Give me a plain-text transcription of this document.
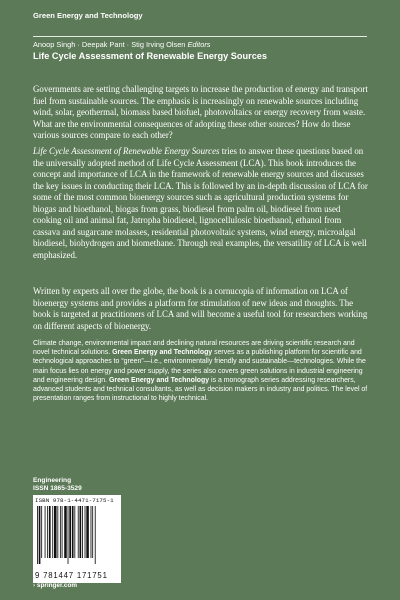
Green Energy and Technology
Anoop Singh · Deepak Pant · Stig Irving Olsen Editors
Life Cycle Assessment of Renewable Energy Sources

Governments are setting challenging targets to increase the production of energy and transport fuel from sustainable sources. The emphasis is increasingly on renewable sources including wind, solar, geothermal, biomass based biofuel, photovoltaics or energy recovery from waste. What are the environmental consequences of adopting these other sources? How do these various sources compare to each other?

Life Cycle Assessment of Renewable Energy Sources tries to answer these questions based on the universally adopted method of Life Cycle Assessment (LCA). This book introduces the concept and importance of LCA in the framework of renewable energy sources and discusses the key issues in conducting their LCA. This is followed by an in-depth discussion of LCA for some of the most common bioenergy sources such as agricultural production systems for biogas and bioethanol, biogas from grass, biodiesel from palm oil, biodiesel from used cooking oil and animal fat, Jatropha biodiesel, lignocellulosic bioethanol, ethanol from cassava and sugarcane molasses, residential photovoltaic systems, wind energy, microalgal biodiesel, biohydrogen and biomethane. Through real examples, the versatility of LCA is well emphasized.

Written by experts all over the globe, the book is a cornucopia of information on LCA of bioenergy systems and provides a platform for stimulation of new ideas and thoughts. The book is targeted at practitioners of LCA and will become a useful tool for researchers working on different aspects of bioenergy.

Climate change, environmental impact and declining natural resources are driving scientific research and novel technical solutions. Green Energy and Technology serves as a publishing platform for scientific and technological approaches to “green”—i.e., environmentally friendly and sustainable—technologies. While the main focus lies on energy and power supply, the series also covers green solutions in industrial engineering and engineering design. Green Energy and Technology is a monograph series addressing researchers, advanced students and technical consultants, as well as decision makers in industry and politics. The level of presentation ranges from instructional to highly technical.

Engineering
ISSN 1865-3529
ISBN 978-1-4471-7175-1
9 781447 171751
› springer.com
